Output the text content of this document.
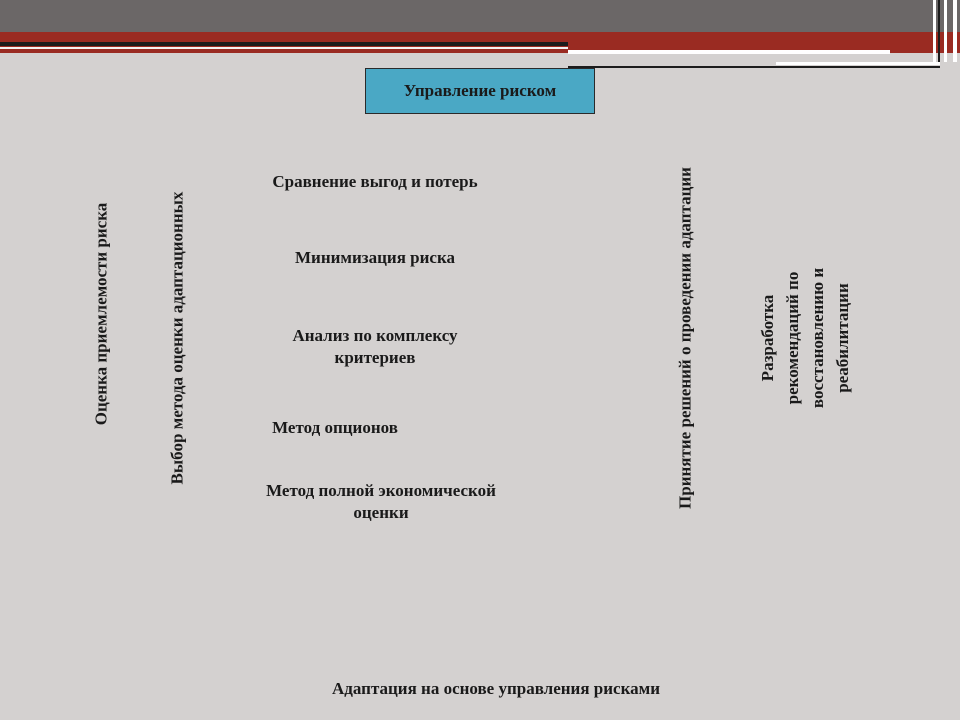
Управление риском
Оценка приемлемости риска	Выбор метода оценки адаптационных
Сравнение выгод и потерь
Минимизация риска
Анализ по комплексу
критериев
Метод опционов
Метод полной экономической
оценки
Принятие решений о проведении адаптации	Разработка рекомендаций по
восстановлению и реабилитации
Адаптация на основе управления рисками
